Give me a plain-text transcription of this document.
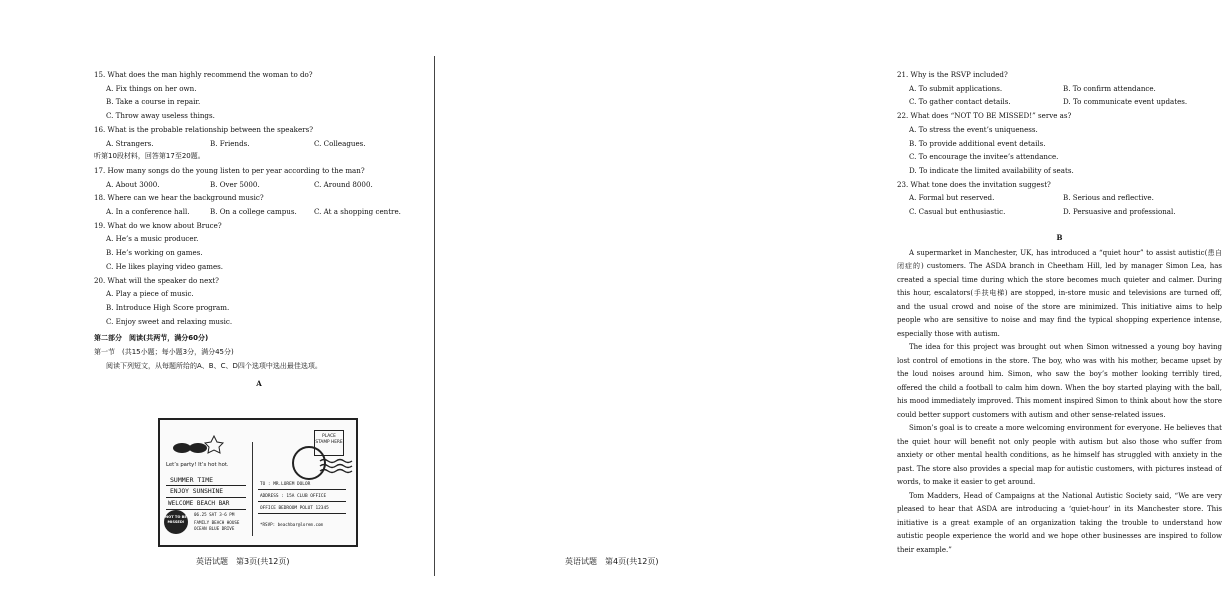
15. What does the man highly recommend the woman to do?
A. Fix things on her own.
B. Take a course in repair.
C. Throw away useless things.
16. What is the probable relationship between the speakers?
A. Strangers.	B. Friends.	C. Colleagues.
听第10段材料，回答第17至20题。
17. How many songs do the young listen to per year according to the man?
A. About 3000.	B. Over 5000.	C. Around 8000.
18. Where can we hear the background music?
A. In a conference hall.	B. On a college campus.	C. At a shopping centre.
19. What do we know about Bruce?
A. He’s a music producer.
B. He’s working on games.
C. He likes playing video games.
20. What will the speaker do next?
A. Play a piece of music.
B. Introduce High Score program.
C. Enjoy sweet and relaxing music.
第二部分　阅读(共两节，满分60分)
第一节　(共15小题；每小题3分，满分45分)
阅读下列短文，从每题所给的A、B、C、D四个选项中选出最佳选项。
A
Let’s party! It’s hot hot.
SUMMER TIME
ENJOY SUNSHINE
WELCOME BEACH BAR
06.25 SAT 3-6 PM
FAMILY BEACH HOUSE
OCEAN BLUE DRIVE
NOT TO BE MISSED!
PLACE STAMP HERE
TO : MR.LOREM DOLOR
ADDRESS : 15A CLUB OFFICE
OFFICE BEDROOM POLUT 12345
*RSVP: beachbar@lorem.com
英语试题　第3页(共12页)
21. Why is the RSVP included?
A. To submit applications.	B. To confirm attendance.
C. To gather contact details.	D. To communicate event updates.
22. What does “NOT TO BE MISSED!” serve as?
A. To stress the event’s uniqueness.
B. To provide additional event details.
C. To encourage the invitee’s attendance.
D. To indicate the limited availability of seats.
23. What tone does the invitation suggest?
A. Formal but reserved.	B. Serious and reflective.
C. Casual but enthusiastic.	D. Persuasive and professional.
B

A supermarket in Manchester, UK, has introduced a “quiet hour” to assist autistic(患自闭症的) customers. The ASDA branch in Cheetham Hill, led by manager Simon Lea, has created a special time during which the store becomes much quieter and calmer. During this hour, escalators(手扶电梯) are stopped, in-store music and televisions are turned off, and the usual crowd and noise of the store are minimized. This initiative aims to help people who are sensitive to noise and may find the typical shopping experience intense, especially those with autism.

The idea for this project was brought out when Simon witnessed a young boy having lost control of emotions in the store. The boy, who was with his mother, became upset by the loud noises around him. Simon, who saw the boy’s mother looking terribly tired, offered the child a football to calm him down. When the boy started playing with the ball, his mood immediately improved. This moment inspired Simon to think about how the store could better support customers with autism and other sense-related issues.

Simon’s goal is to create a more welcoming environment for everyone. He believes that the quiet hour will benefit not only people with autism but also those who suffer from anxiety or other mental health conditions, as he himself has struggled with anxiety in the past. The store also provides a special map for autistic customers, with pictures instead of words, to make it easier to get around.

Tom Madders, Head of Campaigns at the National Autistic Society said, “We are very pleased to hear that ASDA are introducing a ‘quiet-hour’ in its Manchester store. This initiative is a great example of an organization taking the trouble to understand how autistic people experience the world and we hope other businesses are inspired to follow their example.”

英语试题　第4页(共12页)
